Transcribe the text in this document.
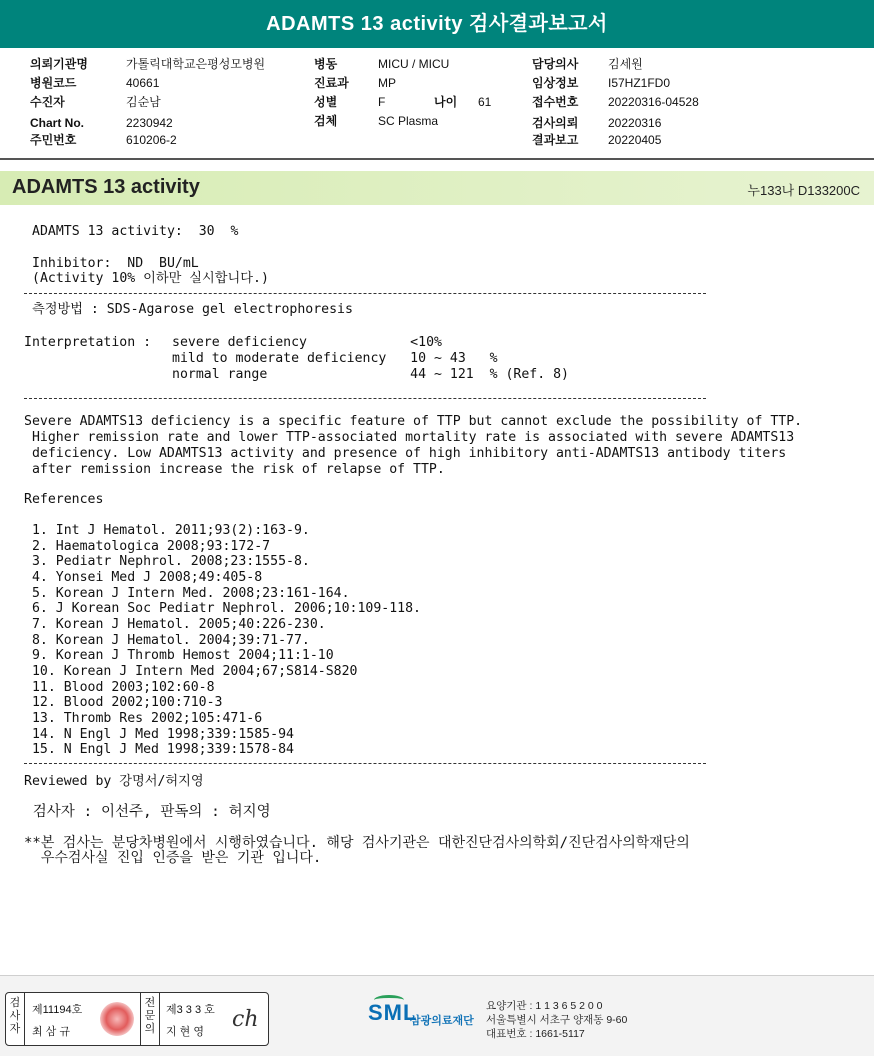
ADAMTS 13 activity 검사결과보고서
의뢰기관명	가톨릭대학교은평성모병원
병원코드	40661
수진자	김순남
Chart No.	2230942
주민번호	610206-2
병동	MICU / MICU
진료과 MP
성별	F	나이 61
검체	SC Plasma
담당의사 김세원
임상정보 I57HZ1FD0
접수번호 20220316-04528
검사의뢰 20220316
결과보고 20220405
ADAMTS 13 activity	누133나 D133200C
ADAMTS 13 activity:  30  %
Inhibitor:  ND  BU/mL
(Activity 10% 이하만 실시합니다.)
측정방법 : SDS-Agarose gel electrophoresis
Interpretation : severe deficiency             <10%
mild to moderate deficiency   10 ~ 43   %
normal range                  44 ~ 121  % (Ref. 8)
Severe ADAMTS13 deficiency is a specific feature of TTP but cannot exclude the possibility of TTP.
Higher remission rate and lower TTP-associated mortality rate is associated with severe ADAMTS13
deficiency. Low ADAMTS13 activity and presence of high inhibitory anti-ADAMTS13 antibody titers
after remission increase the risk of relapse of TTP.
References
1. Int J Hematol. 2011;93(2):163-9.
2. Haematologica 2008;93:172-7
3. Pediatr Nephrol. 2008;23:1555-8.
4. Yonsei Med J 2008;49:405-8
5. Korean J Intern Med. 2008;23:161-164.
6. J Korean Soc Pediatr Nephrol. 2006;10:109-118.
7. Korean J Hematol. 2005;40:226-230.
8. Korean J Hematol. 2004;39:71-77.
9. Korean J Thromb Hemost 2004;11:1-10
10. Korean J Intern Med 2004;67;S814-S820
11. Blood 2003;102:60-8
12. Blood 2002;100:710-3
13. Thromb Res 2002;105:471-6
14. N Engl J Med 1998;339:1585-94
15. N Engl J Med 1998;339:1578-84
Reviewed by 강명서/허지영
검사자 : 이선주, 판독의 : 허지영
**본 검사는 분당차병원에서 시행하였습니다. 해당 검사기관은 대한진단검사의학회/진단검사의학재단의
우수검사실 진입 인증을 받은 기관 입니다.
검사자
제11194호
최 삼 규
전문의
제3 3 3 호
지 현 영 ch	SML
삼광의료재단
요양기관 : 1 1 3 6 5 2 0 0
서울특별시 서초구 양재동 9-60
대표번호 : 1661-5117
